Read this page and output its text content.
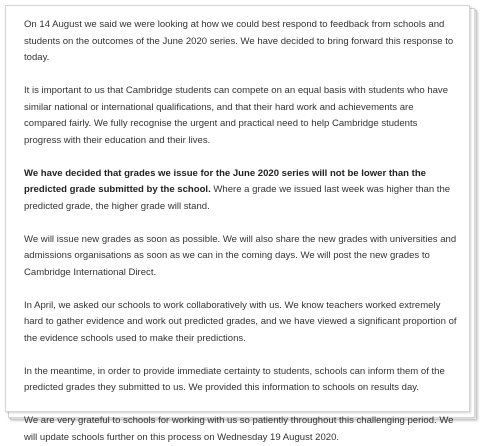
On 14 August we said we were looking at how we could best respond to feedback from schools and students on the outcomes of the June 2020 series. We have decided to bring forward this response to today.

It is important to us that Cambridge students can compete on an equal basis with students who have similar national or international qualifications, and that their hard work and achievements are compared fairly. We fully recognise the urgent and practical need to help Cambridge students progress with their education and their lives.

We have decided that grades we issue for the June 2020 series will not be lower than the predicted grade submitted by the school. Where a grade we issued last week was higher than the predicted grade, the higher grade will stand.

We will issue new grades as soon as possible. We will also share the new grades with universities and admissions organisations as soon as we can in the coming days. We will post the new grades to Cambridge International Direct.

In April, we asked our schools to work collaboratively with us. We know teachers worked extremely hard to gather evidence and work out predicted grades, and we have viewed a significant proportion of the evidence schools used to make their predictions.

In the meantime, in order to provide immediate certainty to students, schools can inform them of the predicted grades they submitted to us. We provided this information to schools on results day.

We are very grateful to schools for working with us so patiently throughout this challenging period. We will update schools further on this process on Wednesday 19 August 2020.
